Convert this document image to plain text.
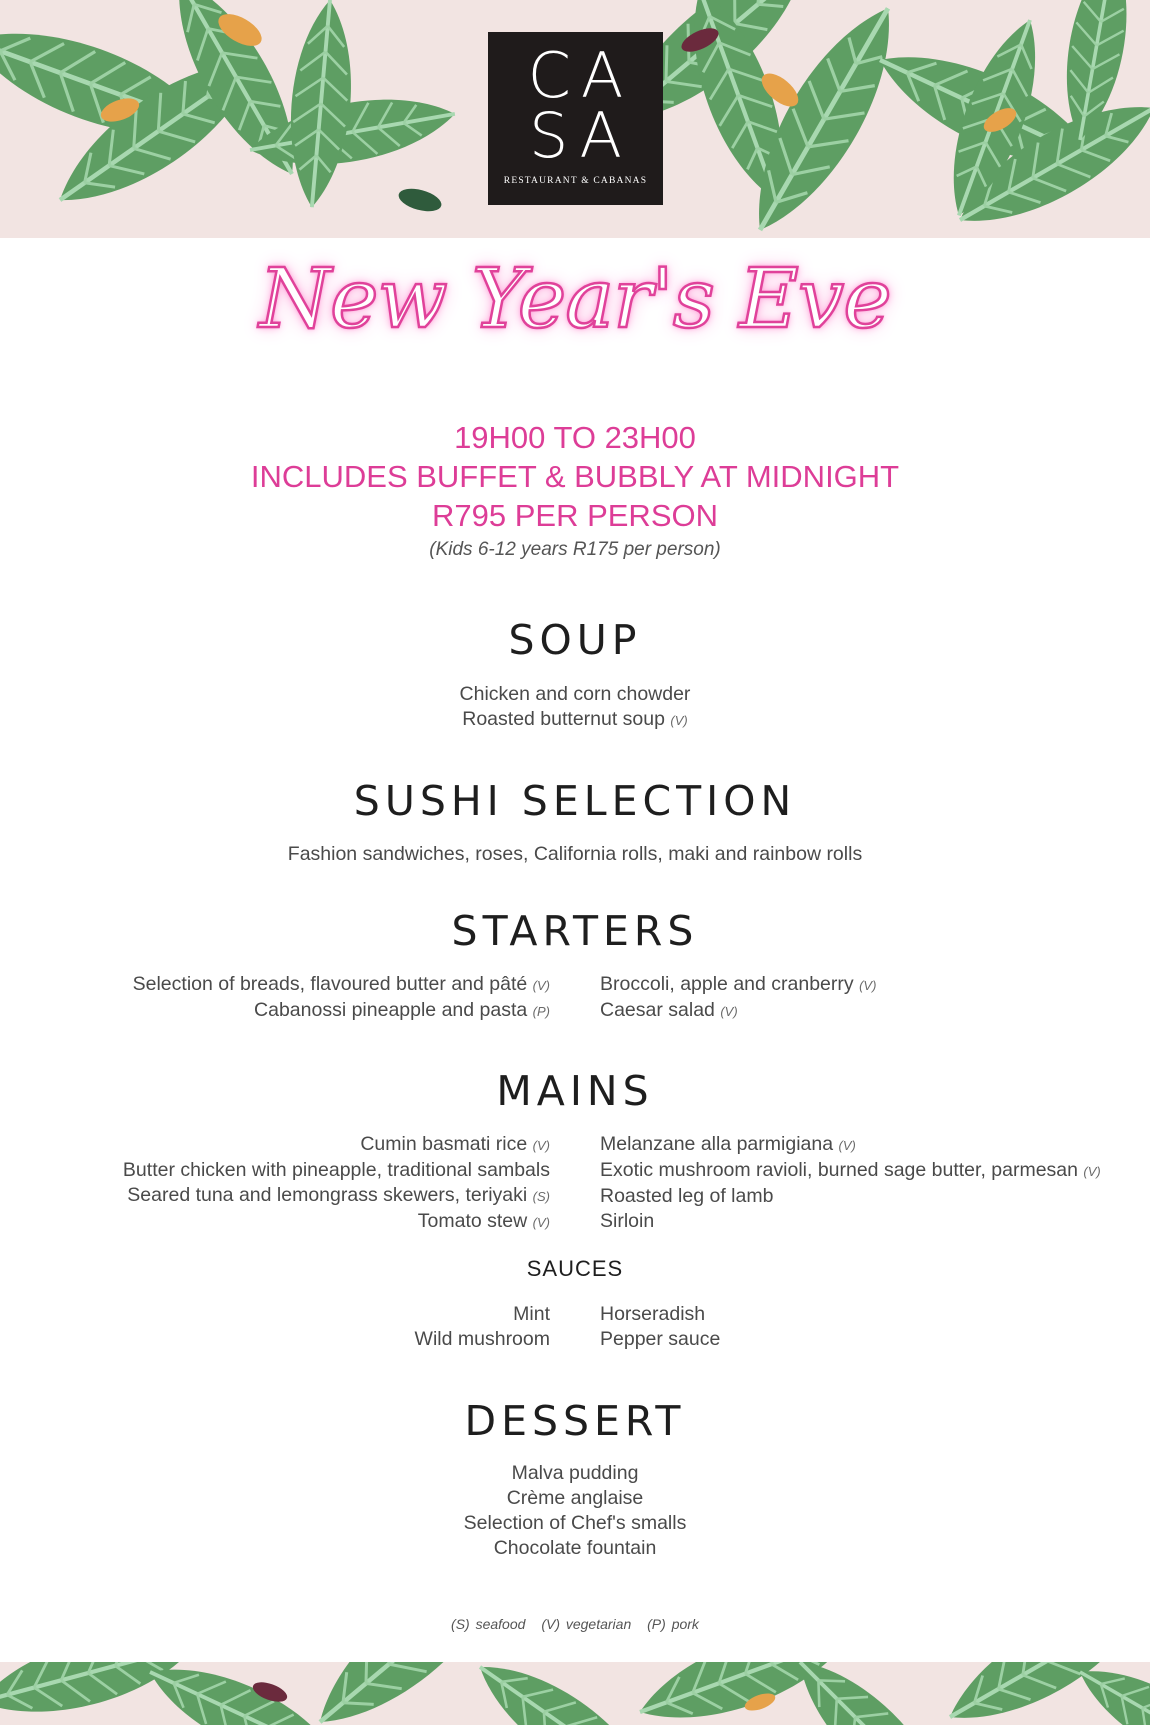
CA
SA
RESTAURANT & CABANAS
New Year's Eve
19H00 TO 23H00
INCLUDES BUFFET & BUBBLY AT MIDNIGHT
R795 PER PERSON
(Kids 6-12 years R175 per person)
SOUP
Chicken and corn chowder
Roasted butternut soup (V)
SUSHI SELECTION
Fashion sandwiches, roses, California rolls, maki and rainbow rolls
STARTERS
Selection of breads, flavoured butter and pâté (V)
Cabanossi pineapple and pasta (P)
Broccoli, apple and cranberry (V)
Caesar salad (V)
MAINS
Cumin basmati rice (V)
Butter chicken with pineapple, traditional sambals
Seared tuna and lemongrass skewers, teriyaki (S)
Tomato stew (V)
Melanzane alla parmigiana (V)
Exotic mushroom ravioli, burned sage butter, parmesan (V)
Roasted leg of lamb
Sirloin
SAUCES
Mint
Wild mushroom
Horseradish
Pepper sauce
DESSERT
Malva pudding
Crème anglaise
Selection of Chef's smalls
Chocolate fountain
(S) seafood (V) vegetarian (P) pork
